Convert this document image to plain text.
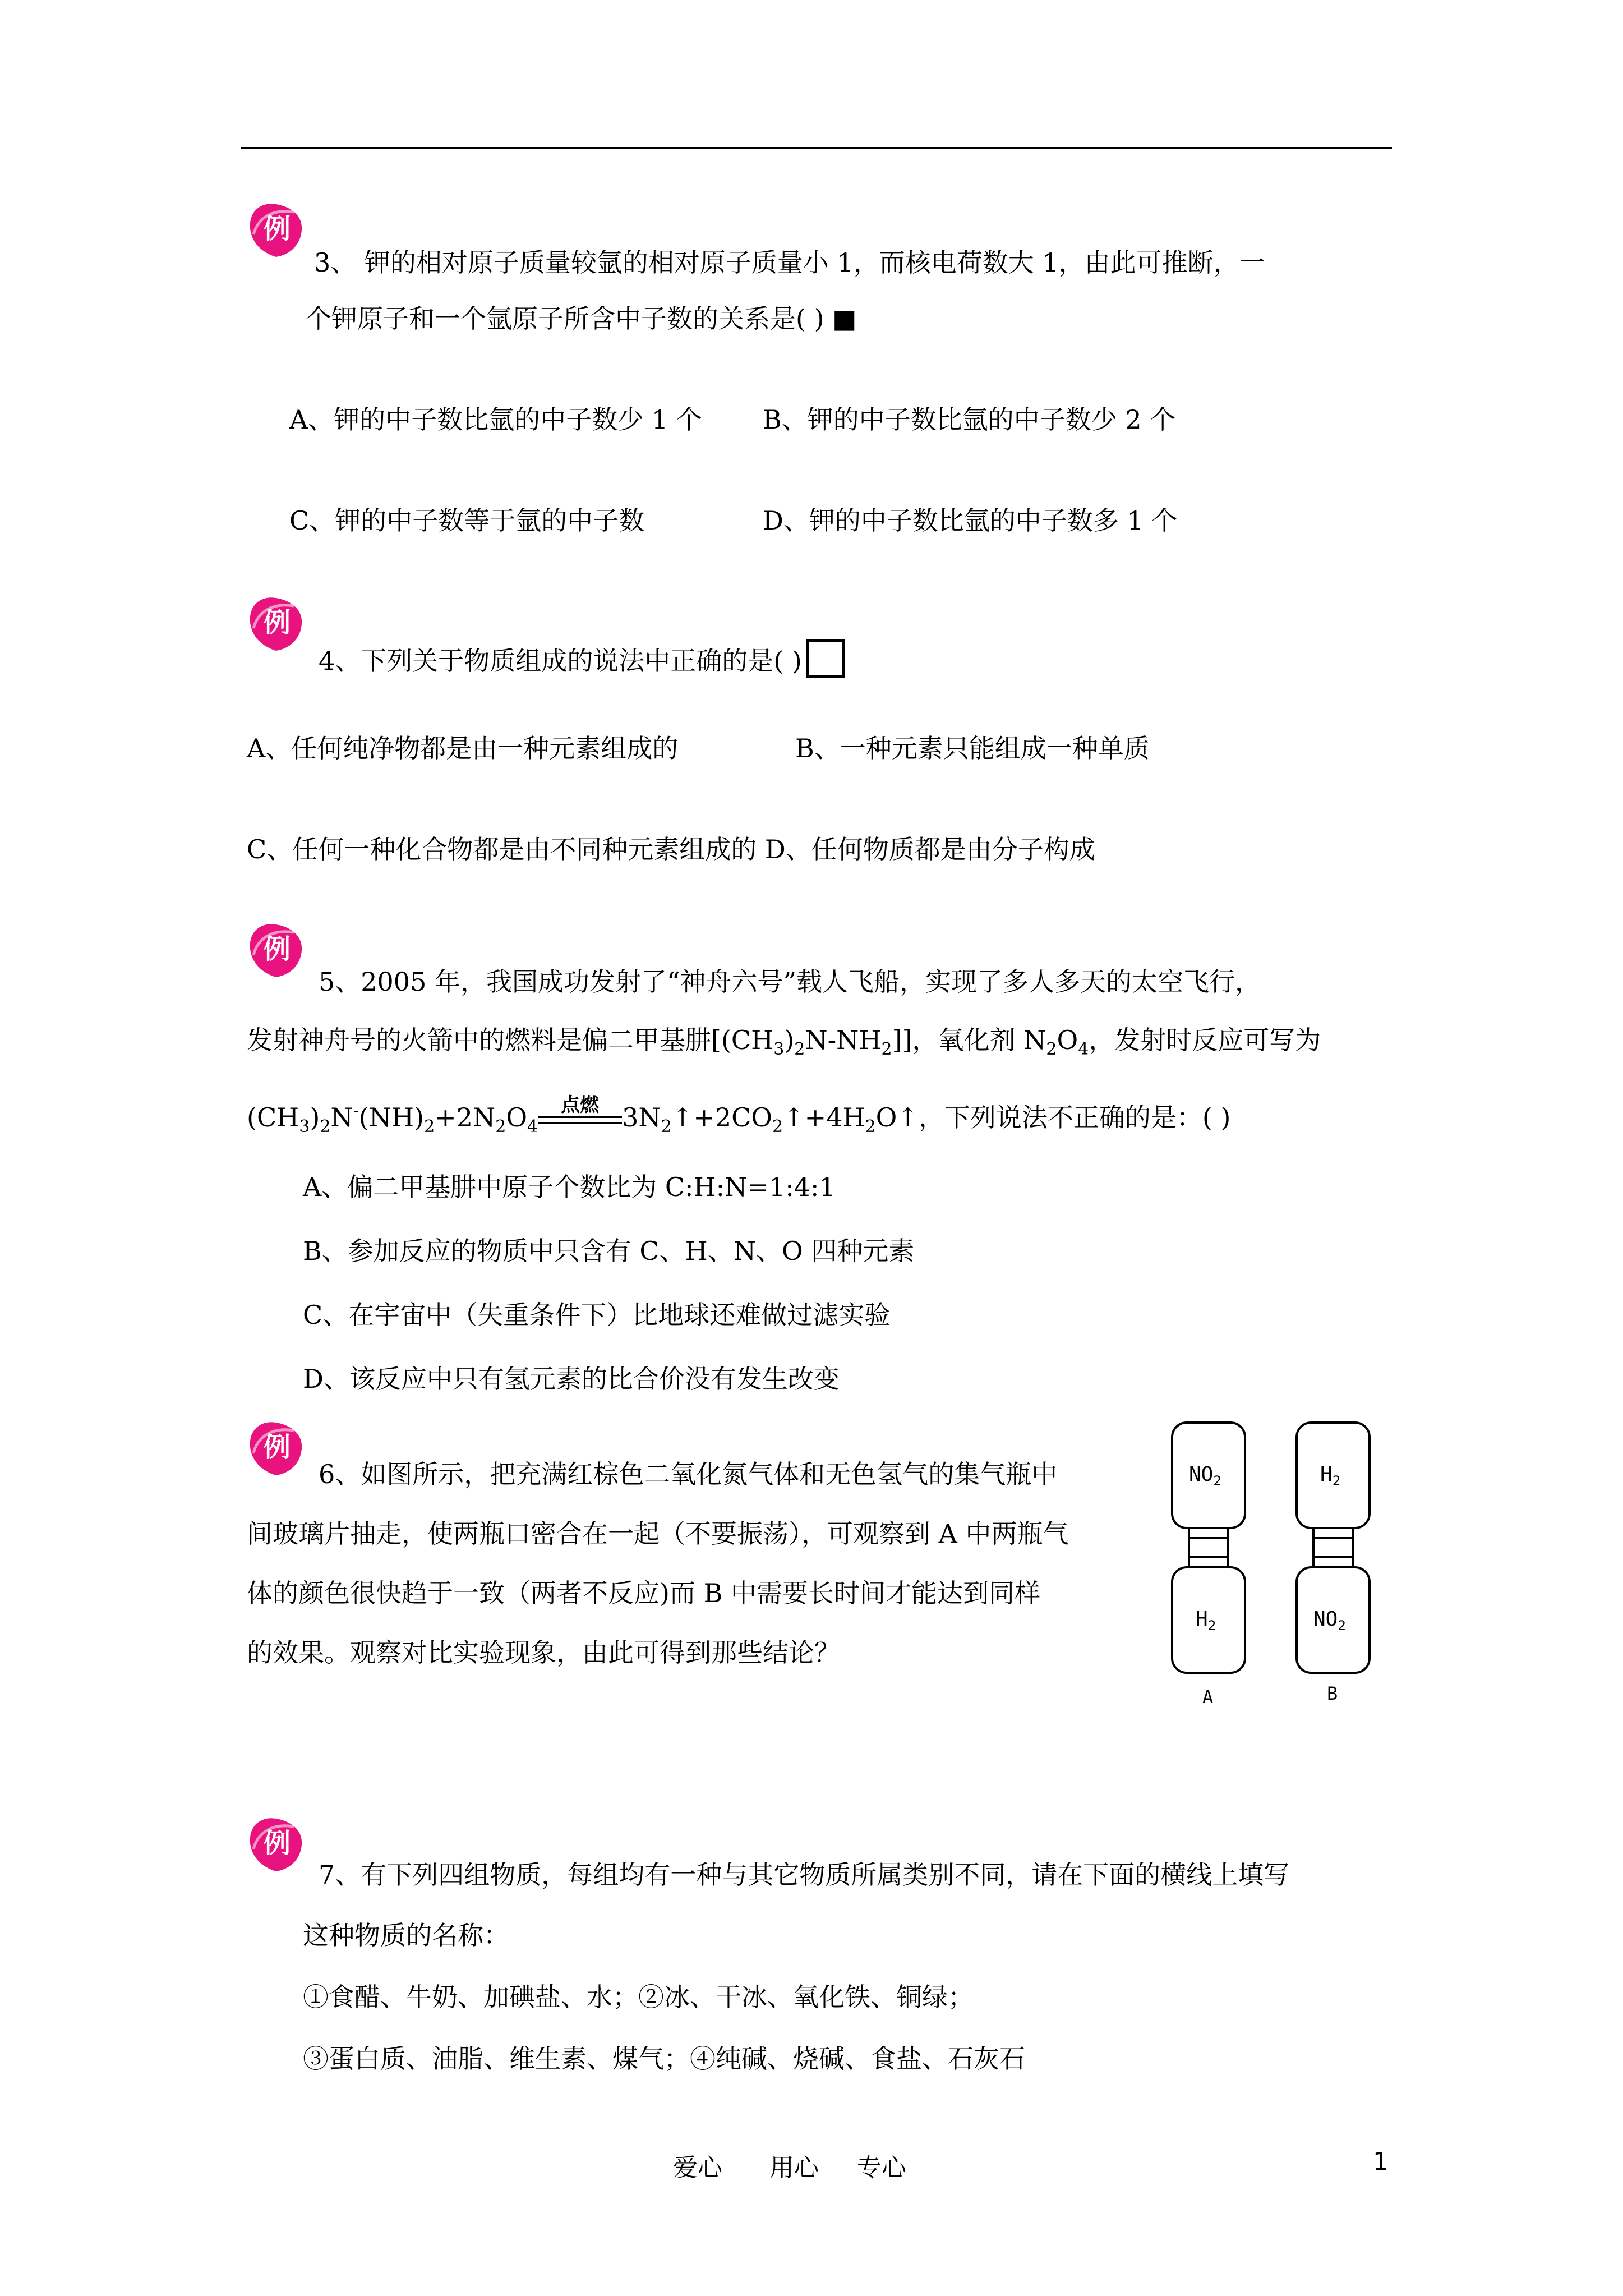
例
例
例
例
例
3、 钾的相对原子质量较氩的相对原子质量小 1，而核电荷数大 1，由此可推断，一
个钾原子和一个氩原子所含中子数的关系是( ) ■
A、钾的中子数比氩的中子数少 1 个 B、钾的中子数比氩的中子数少 2 个
C、钾的中子数等于氩的中子数	D、钾的中子数比氩的中子数多 1 个
4、下列关于物质组成的说法中正确的是( )
A、任何纯净物都是由一种元素组成的	B、一种元素只能组成一种单质
C、任何一种化合物都是由不同种元素组成的 D、任何物质都是由分子构成
5、2005 年，我国成功发射了“神舟六号”载人飞船，实现了多人多天的太空飞行，
发射神舟号的火箭中的燃料是偏二甲基肼$[(CH_3)_2N-NH_2]$]，氧化剂 $N_2O_4$，发射时反应可写为
$(CH_3)_2N^-(NH)_2+2N_2O_4$
点燃 $3N_2↑+2CO_2↑+4H_2O↑$，下列说法不正确的是：( )
A、偏二甲基肼中原子个数比为 C:H:N=1:4:1
B、参加反应的物质中只含有 C、H、N、O 四种元素
C、在宇宙中（失重条件下）比地球还难做过滤实验
D、该反应中只有氢元素的比合价没有发生改变
6、如图所示，把充满红棕色二氧化氮气体和无色氢气的集气瓶中
间玻璃片抽走，使两瓶口密合在一起（不要振荡），可观察到 A 中两瓶气
体的颜色很快趋于一致（两者不反应)而 B 中需要长时间才能达到同样
的效果。观察对比实验现象，由此可得到那些结论？
$NO_2$
$H_2$
$H_2$
$NO_2$
A	B
7、有下列四组物质，每组均有一种与其它物质所属类别不同，请在下面的横线上填写
这种物质的名称：
①食醋、牛奶、加碘盐、水；②冰、干冰、氧化铁、铜绿；
③蛋白质、油脂、维生素、煤气；④纯碱、烧碱、食盐、石灰石
爱心 用心 专心	1
